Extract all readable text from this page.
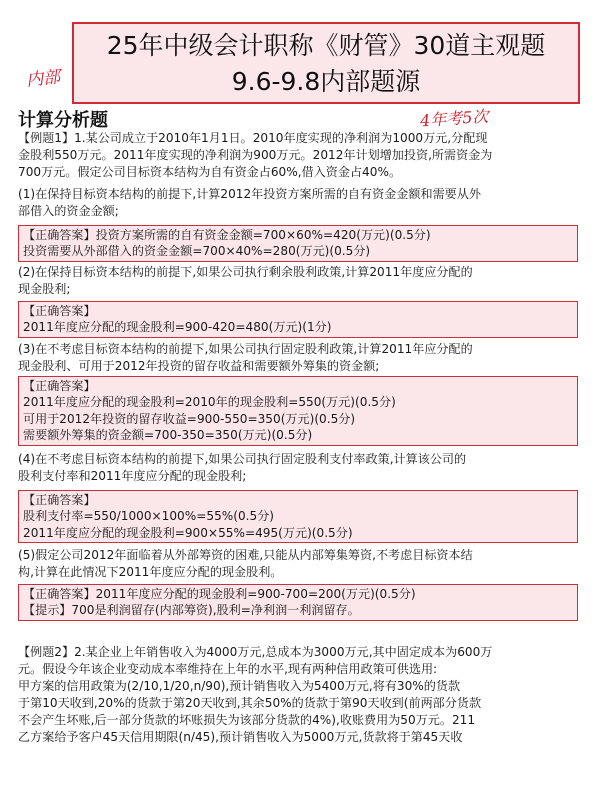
内部
25年中级会计职称《财管》30道主观题
9.6-9.8内部题源
计算分析题	4年考5次
【例题1】1.某公司成立于2010年1月1日。2010年度实现的净利润为1000万元,分配现
金股利550万元。2011年度实现的净利润为900万元。2012年计划增加投资,所需资金为
700万元。假定公司目标资本结构为自有资金占60%,借入资金占40%。
(1)在保持目标资本结构的前提下,计算2012年投资方案所需的自有资金金额和需要从外
部借入的资金金额;
【正确答案】投资方案所需的自有资金金额=700×60%=420(万元)(0.5分)
投资需要从外部借入的资金金额=700×40%=280(万元)(0.5分)
(2)在保持目标资本结构的前提下,如果公司执行剩余股利政策,计算2011年度应分配的
现金股利;
【正确答案】
2011年度应分配的现金股利=900-420=480(万元)(1分)
(3)在不考虑目标资本结构的前提下,如果公司执行固定股利政策,计算2011年应分配的
现金股利、可用于2012年投资的留存收益和需要额外筹集的资金额;
【正确答案】
2011年度应分配的现金股利=2010年的现金股利=550(万元)(0.5分)
可用于2012年投资的留存收益=900-550=350(万元)(0.5分)
需要额外筹集的资金额=700-350=350(万元)(0.5分)
(4)在不考虑目标资本结构的前提下,如果公司执行固定股利支付率政策,计算该公司的
股利支付率和2011年度应分配的现金股利;
【正确答案】
股利支付率=550/1000×100%=55%(0.5分)
2011年度应分配的现金股利=900×55%=495(万元)(0.5分)
(5)假定公司2012年面临着从外部筹资的困难,只能从内部筹集筹资,不考虑目标资本结
构,计算在此情况下2011年度应分配的现金股利。
【正确答案】2011年度应分配的现金股利=900-700=200(万元)(0.5分)
【提示】700是利润留存(内部筹资),股利=净利润一利润留存。
【例题2】2.某企业上年销售收入为4000万元,总成本为3000万元,其中固定成本为600万
元。假设今年该企业变动成本率维持在上年的水平,现有两种信用政策可供选用:
甲方案的信用政策为(2/10,1/20,n/90),预计销售收入为5400万元,将有30%的货款
于第10天收到,20%的货款于第20天收到,其余50%的货款于第90天收到(前两部分货款
不会产生坏账,后一部分货款的坏账损失为该部分货款的4%),收账费用为50万元。211
乙方案给予客户45天信用期限(n/45),预计销售收入为5000万元,货款将于第45天收
